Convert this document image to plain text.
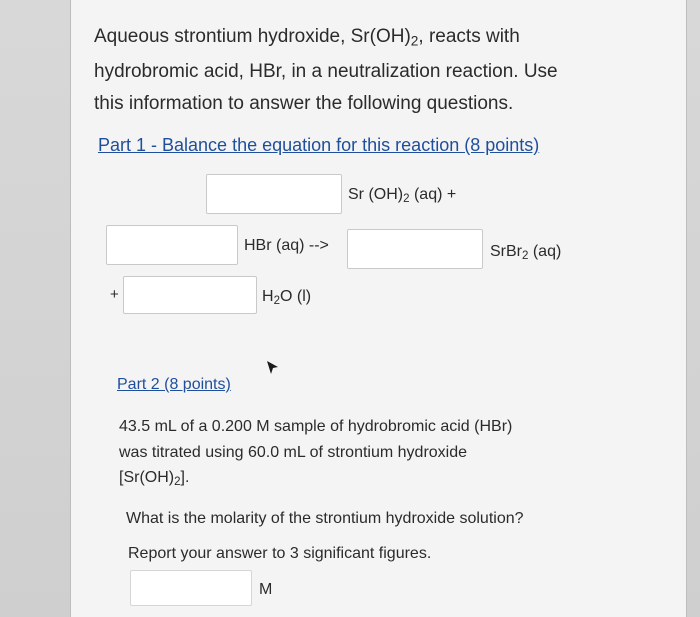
Aqueous strontium hydroxide, $Sr(OH)_2$, reacts with
hydrobromic acid, HBr, in a neutralization reaction. Use
this information to answer the following questions.
Part 1 - Balance the equation for this reaction (8 points)
Sr $(OH)_2$ (aq) +
HBr (aq) -->	SrBr$_2$ (aq)
+	$H_2O$ (l)
Part 2 (8 points)
43.5 mL of a 0.200 M sample of hydrobromic acid (HBr)
was titrated using 60.0 mL of strontium hydroxide
$[Sr(OH)_2]$.
What is the molarity of the strontium hydroxide solution?
Report your answer to 3 significant figures.
M
